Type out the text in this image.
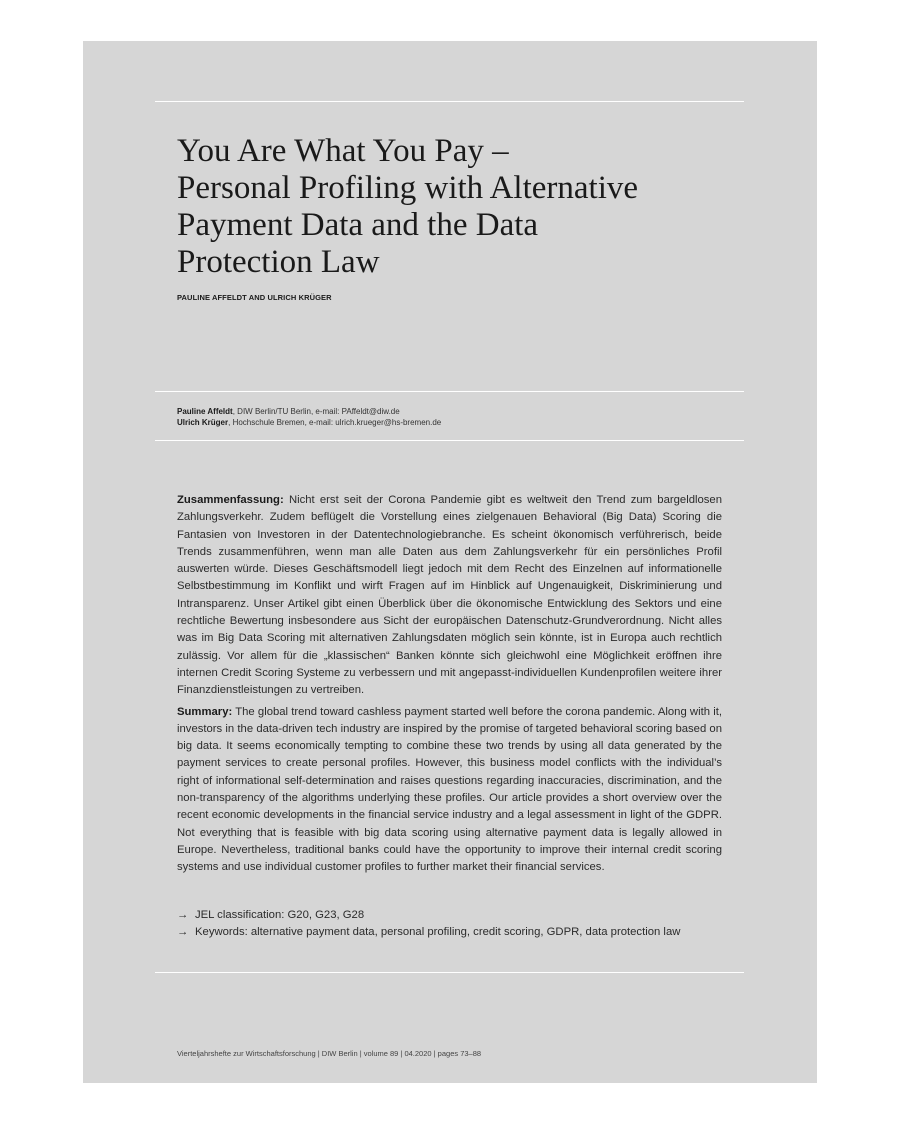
You Are What You Pay –
Personal Profiling with Alternative
Payment Data and the Data
Protection Law
PAULINE AFFELDT AND ULRICH KRÜGER
Pauline Affeldt, DIW Berlin/TU Berlin, e-mail: PAffeldt@diw.de
Ulrich Krüger, Hochschule Bremen, e-mail: ulrich.krueger@hs-bremen.de

Zusammenfassung: Nicht erst seit der Corona Pandemie gibt es weltweit den Trend zum bargeldlosen Zahlungsverkehr. Zudem beflügelt die Vorstellung eines zielgenauen Behavioral (Big Data) Scoring die Fantasien von Investoren in der Datentechnologiebranche. Es scheint ökonomisch verführerisch, beide Trends zusammenführen, wenn man alle Daten aus dem Zahlungsverkehr für ein persönliches Profil auswerten würde. Dieses Geschäftsmodell liegt jedoch mit dem Recht des Einzelnen auf informationelle Selbstbestimmung im Konflikt und wirft Fragen auf im Hinblick auf Ungenauigkeit, Diskriminierung und Intransparenz. Unser Artikel gibt einen Überblick über die ökonomische Entwicklung des Sektors und eine rechtliche Bewertung insbesondere aus Sicht der europäischen Datenschutz-Grundverordnung. Nicht alles was im Big Data Scoring mit alternativen Zahlungsdaten möglich sein könnte, ist in Europa auch rechtlich zulässig. Vor allem für die „klassischen“ Banken könnte sich gleichwohl eine Möglichkeit eröffnen ihre internen Credit Scoring Systeme zu verbessern und mit angepasst-individuellen Kundenprofilen weitere ihrer Finanzdienstleistungen zu vertreiben.

Summary: The global trend toward cashless payment started well before the corona pandemic. Along with it, investors in the data-driven tech industry are inspired by the promise of targeted behavioral scoring based on big data. It seems economically tempting to combine these two trends by using all data generated by the payment services to create personal profiles. However, this business model conflicts with the individual’s right of informational self-determination and raises questions regarding inaccuracies, discrimination, and the non-transparency of the algorithms underlying these profiles. Our article provides a short overview over the recent economic developments in the financial service industry and a legal assessment in light of the GDPR. Not everything that is feasible with big data scoring using alternative payment data is legally allowed in Europe. Nevertheless, traditional banks could have the opportunity to improve their internal credit scoring systems and use individual customer profiles to further market their financial services.

→ JEL classification: G20, G23, G28
→ Keywords: alternative payment data, personal profiling, credit scoring, GDPR, data protection law
Vierteljahrshefte zur Wirtschaftsforschung | DIW Berlin | volume 89 | 04.2020 | pages 73–88
